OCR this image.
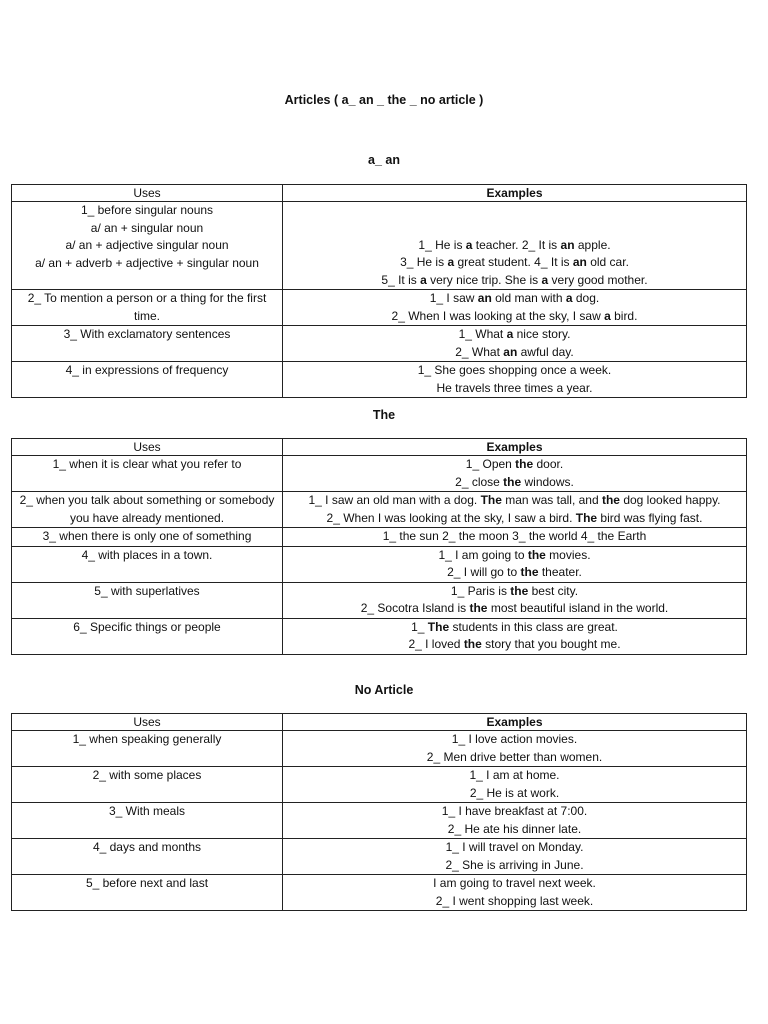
Articles ( a_ an _ the _ no article )
a_ an
Uses	Examples

1_ before singular nouns
a/ an + singular noun
a/ an + adjective singular noun
a/ an + adverb + adjective + singular noun	1_ He is a teacher. 2_ It is an apple.
3_ He is a great student. 4_ It is an old car.
5_ It is a very nice trip. She is a very good mother.

2_ To mention a person or a thing for the first time.	1_ I saw an old man with a dog.
2_ When I was looking at the sky, I saw a bird.

3_ With exclamatory sentences	1_ What a nice story.
2_ What an awful day.

4_ in expressions of frequency	1_ She goes shopping once a week.
He travels three times a year.
The
Uses	Examples

1_ when it is clear what you refer to	1_ Open the door.
2_ close the windows.

2_ when you talk about something or somebody you have already mentioned.	1_ I saw an old man with a dog. The man was tall, and the dog looked happy.
2_ When I was looking at the sky, I saw a bird. The bird was flying fast.

3_ when there is only one of something	1_ the sun 2_ the moon 3_ the world 4_ the Earth

4_ with places in a town.	1_ I am going to the movies.
2_ I will go to the theater.

5_ with superlatives	1_ Paris is the best city.
2_ Socotra Island is the most beautiful island in the world.

6_ Specific things or people	1_ The students in this class are great.
2_ I loved the story that you bought me.
No Article
Uses	Examples

1_ when speaking generally	1_ I love action movies.
2_ Men drive better than women.

2_ with some places	1_ I am at home.
2_ He is at work.

3_ With meals	1_ I have breakfast at 7:00.
2_ He ate his dinner late.

4_ days and months	1_ I will travel on Monday.
2_ She is arriving in June.

5_ before next and last	I am going to travel next week.
2_ I went shopping last week.
